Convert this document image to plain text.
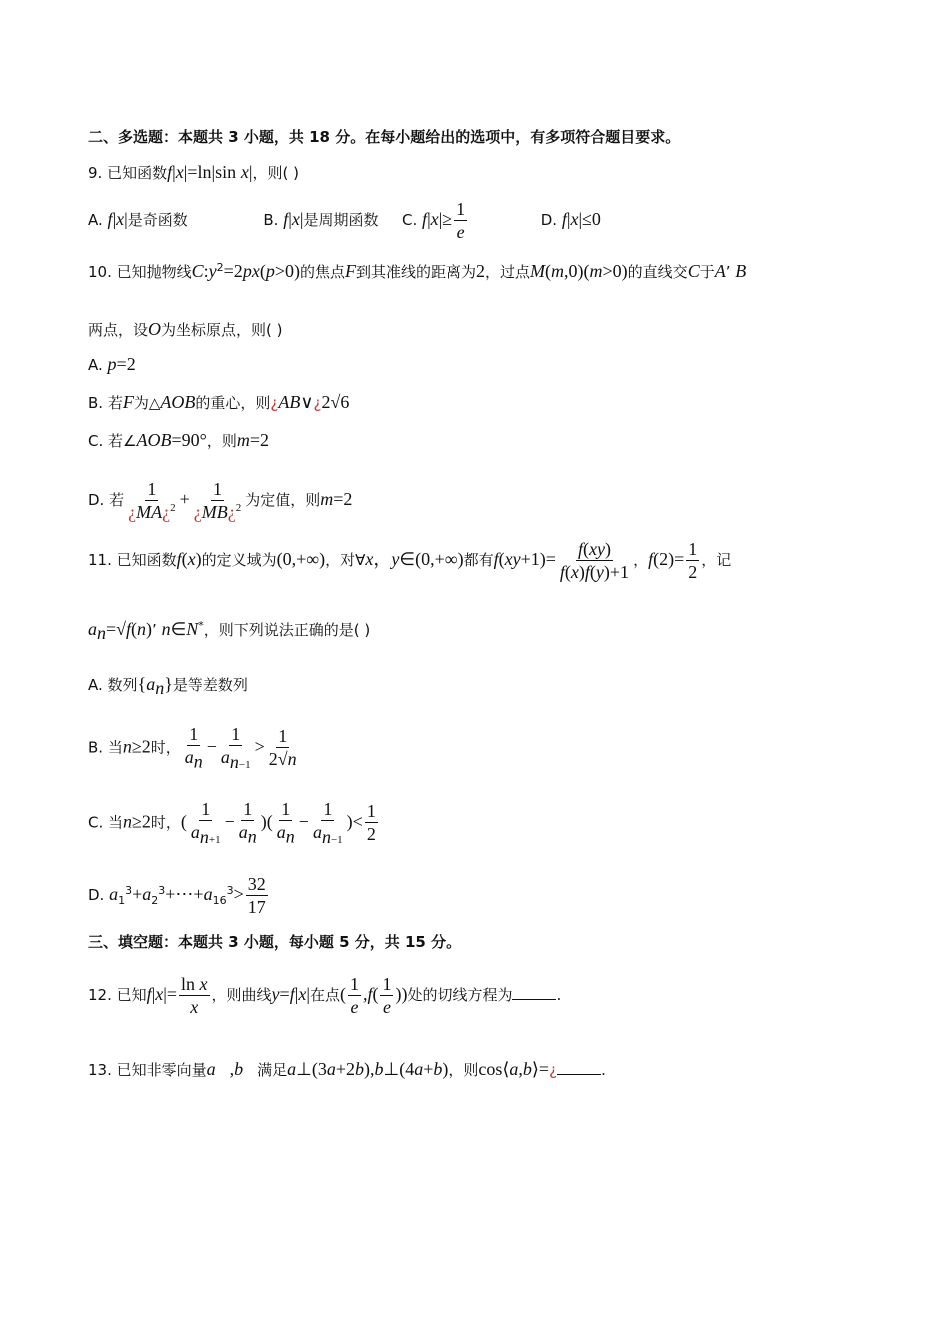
二、多选题：本题共 3 小题，共 18 分。在每小题给出的选项中，有多项符合题目要求。
9. 已知函数f|x|=ln|sin x|，则( )
A. f|x|是奇函数	B. f|x|是周期函数 C. $f|x|\ge \frac{1}{e}$	D. f|x|≤0
10. 已知抛物线$C:y^2=2px(p>0)$的焦点F到其准线的距离为2，过点M(m,0)(m>0)的直线交C于A’ B
两点，设O为坐标原点，则( )
A. p=2
B. 若F为△AOB的重心，则¿AB∨¿2√6
C. 若∠AOB=90°，则m=2
D. 若 $\frac{1}{¿MA¿^2} + \frac{1}{¿MB¿^2}$ 为定值，则m=2
11. 已知函数f(x)的定义域为(0,+∞)，对∀x，y∈(0,+∞)都有$f(xy+1)= \frac{f(xy)}{f(x)f(y)+1}$ ，$f(2)= \frac{1}{2}$ ，记
$a_n=√f(n)$’ n∈N*，则下列说法正确的是( )
A. 数列$\{a_n\}$是等差数列
B. 当n≥2时， $\frac{1}{a_n} - \frac{1}{a_{n-1}} > \frac{1}{2√n}$
C. 当n≥2时，( $\frac{1}{a_{n+1}} - \frac{1}{a_n}$ )( $\frac{1}{a_n} - \frac{1}{a_{n-1}}$ )< $\frac{1}{2}$
D. $a_1^3+a_2^3+\cdots+a_{16}^3> \frac{32}{17}$
三、填空题：本题共 3 小题，每小题 5 分，共 15 分。
12. 已知$f|x|= \frac{\text{ln x}}{x}$ ，则曲线y=f|x|在点( $\frac{1}{e} ,f( \frac{1}{e}$ ))处的切线方程为	.
13. 已知非零向量a⃗,b⃗满足a⊥(3a+2b),b⊥(4a+b)，则cos⟨a,b⟩=¿	.
